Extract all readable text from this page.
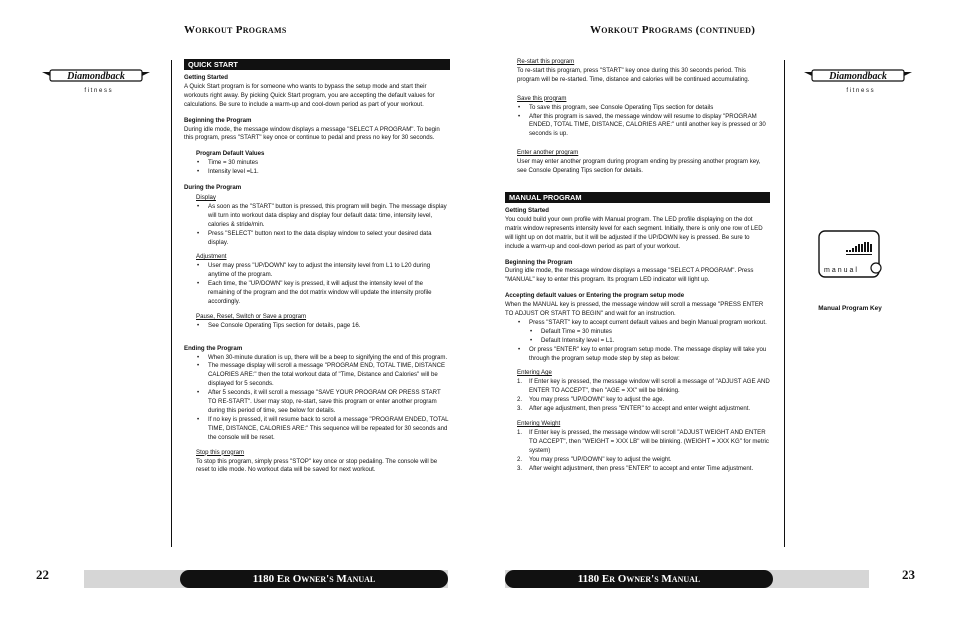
Workout Programs
Diamondback
f i t n e s s
QUICK START

Getting Started

A Quick Start program is for someone who wants to bypass the setup mode and start their workouts right away. By picking Quick Start program, you are accepting the default values for calculations. Be sure to include a warm-up and cool-down period as part of your workout.

Beginning the Program

During idle mode, the message window displays a message "SELECT A PROGRAM". To begin this program, press "START" key once or continue to pedal and press no key for 30 seconds.

Program Default Values

• Time = 30 minutes
• Intensity level =L1.

During the Program

Display

• As soon as the "START" button is pressed, this program will begin. The message display will turn into workout data display and display four default data: time, intensity level, calories & stride/min.
• Press "SELECT" button next to the data display window to select your desired data display.

Adjustment

• User may press "UP/DOWN" key to adjust the intensity level from L1 to L20 during anytime of the program.
• Each time, the "UP/DOWN" key is pressed, it will adjust the intensity level of the remaining of the program and the dot matrix window will update the intensity profile accordingly.

Pause, Reset, Switch or Save a program

• See Console Operating Tips section for details, page 16.

Ending the Program

• When 30-minute duration is up, there will be a beep to signifying the end of this program.
• The message display will scroll a message "PROGRAM END, TOTAL TIME, DISTANCE CALORIES ARE:" then the total workout data of "Time, Distance and Calories" will be displayed for 5 seconds.
• After 5 seconds, it will scroll a message "SAVE YOUR PROGRAM OR PRESS START TO RE-START". User may stop, re-start, save this program or enter another program during this period of time, see below for details.
• If no key is pressed, it will resume back to scroll a message "PROGRAM ENDED, TOTAL TIME, DISTANCE, CALORIES ARE:" This sequence will be repeated for 30 seconds and the console will be reset.

Stop this program

To stop this program, simply press "STOP" key once or stop pedaling. The console will be reset to idle mode. No workout data will be saved for next workout.

22	1180 Er Owner's Manual
Workout Programs (continued)

Re-start this program

To re-start this program, press "START" key once during this 30 seconds period. This program will be re-started. Time, distance and calories will be continued accumulating.

Save this program

• To save this program, see Console Operating Tips section for details
• After this program is saved, the message window will resume to display "PROGRAM ENDED, TOTAL TIME, DISTANCE, CALORIES ARE:" until another key is pressed or 30 seconds is up.

Enter another program

User may enter another program during program ending by pressing another program key, see Console Operating Tips section for details.

MANUAL PROGRAM

Getting Started

You could build your own profile with Manual program. The LED profile displaying on the dot matrix window represents intensity level for each segment. Initially, there is only one row of LED will light up on dot matrix, but it will be adjusted if the UP/DOWN key is pressed. Be sure to include a warm-up and cool-down period as part of your workout.

Beginning the Program

During idle mode, the message window displays a message "SELECT A PROGRAM". Press "MANUAL" key to enter this program. Its program LED indicator will light up.

Accepting default values or Entering the program setup mode

When the MANUAL key is pressed, the message window will scroll a message "PRESS ENTER TO ADJUST OR START TO BEGIN" and wait for an instruction.

• Press "START" key to accept current default values and begin Manual program workout.
• Default Time = 30 minutes
• Default Intensity level = L1.
• Or press "ENTER" key to enter program setup mode. The message display will take you through the program setup mode step by step as below:

Entering Age

1. If Enter key is pressed, the message window will scroll a message of "ADJUST AGE AND ENTER TO ACCEPT", then "AGE = XX" will be blinking.
2. You may press "UP/DOWN" key to adjust the age.
3. After age adjustment, then press "ENTER" to accept and enter weight adjustment.

Entering Weight

1. If Enter key is pressed, the message window will scroll "ADJUST WEIGHT AND ENTER TO ACCEPT", then "WEIGHT = XXX LB" will be blinking. (WEIGHT = XXX KG" for metric system)
2. You may press "UP/DOWN" key to adjust the weight.
3. After weight adjustment, then press "ENTER" to accept and enter Time adjustment.
Diamondback
f i t n e s s
manual
Manual Program Key
23
1180 Er Owner's Manual
